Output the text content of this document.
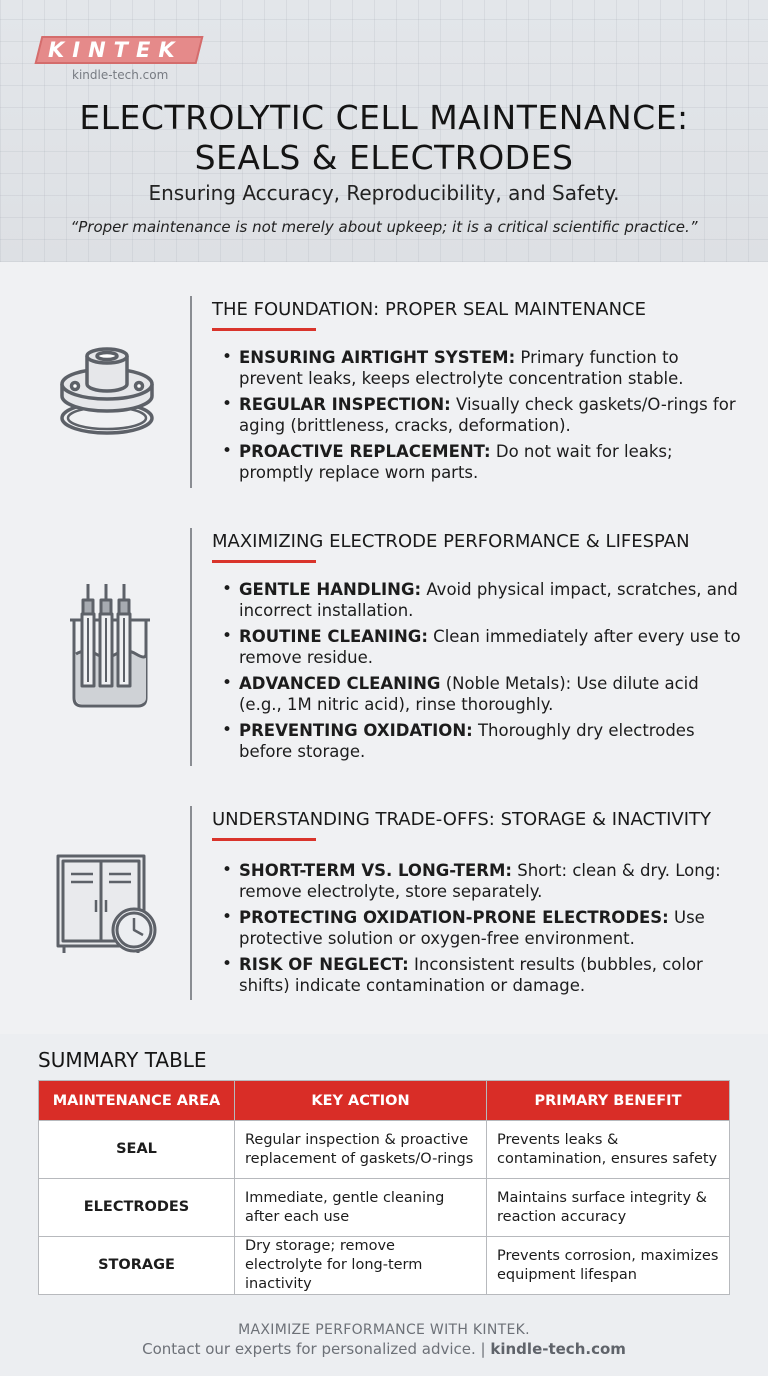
KINTEK
kindle-tech.com
ELECTROLYTIC CELL MAINTENANCE:
SEALS & ELECTRODES
Ensuring Accuracy, Reproducibility, and Safety.
“Proper maintenance is not merely about upkeep; it is a critical scientific practice.”
THE FOUNDATION: PROPER SEAL MAINTENANCE
• ENSURING AIRTIGHT SYSTEM: Primary function to prevent leaks, keeps electrolyte concentration stable.
• REGULAR INSPECTION: Visually check gaskets/O-rings for aging (brittleness, cracks, deformation).
• PROACTIVE REPLACEMENT: Do not wait for leaks; promptly replace worn parts.
MAXIMIZING ELECTRODE PERFORMANCE & LIFESPAN
• GENTLE HANDLING: Avoid physical impact, scratches, and incorrect installation.
• ROUTINE CLEANING: Clean immediately after every use to remove residue.
• ADVANCED CLEANING (Noble Metals): Use dilute acid (e.g., 1M nitric acid), rinse thoroughly.
• PREVENTING OXIDATION: Thoroughly dry electrodes before storage.
UNDERSTANDING TRADE-OFFS: STORAGE & INACTIVITY
• SHORT-TERM VS. LONG-TERM: Short: clean & dry. Long: remove electrolyte, store separately.
• PROTECTING OXIDATION-PRONE ELECTRODES: Use protective solution or oxygen-free environment.
• RISK OF NEGLECT: Inconsistent results (bubbles, color shifts) indicate contamination or damage.
SUMMARY TABLE
MAINTENANCE AREA	KEY ACTION	PRIMARY BENEFIT
SEAL	Regular inspection & proactive replacement of gaskets/O-rings	Prevents leaks & contamination, ensures safety
ELECTRODES	Immediate, gentle cleaning after each use	Maintains surface integrity & reaction accuracy
STORAGE	Dry storage; remove electrolyte for long-term inactivity	Prevents corrosion, maximizes equipment lifespan
MAXIMIZE PERFORMANCE WITH KINTEK.
Contact our experts for personalized advice. | kindle-tech.com
